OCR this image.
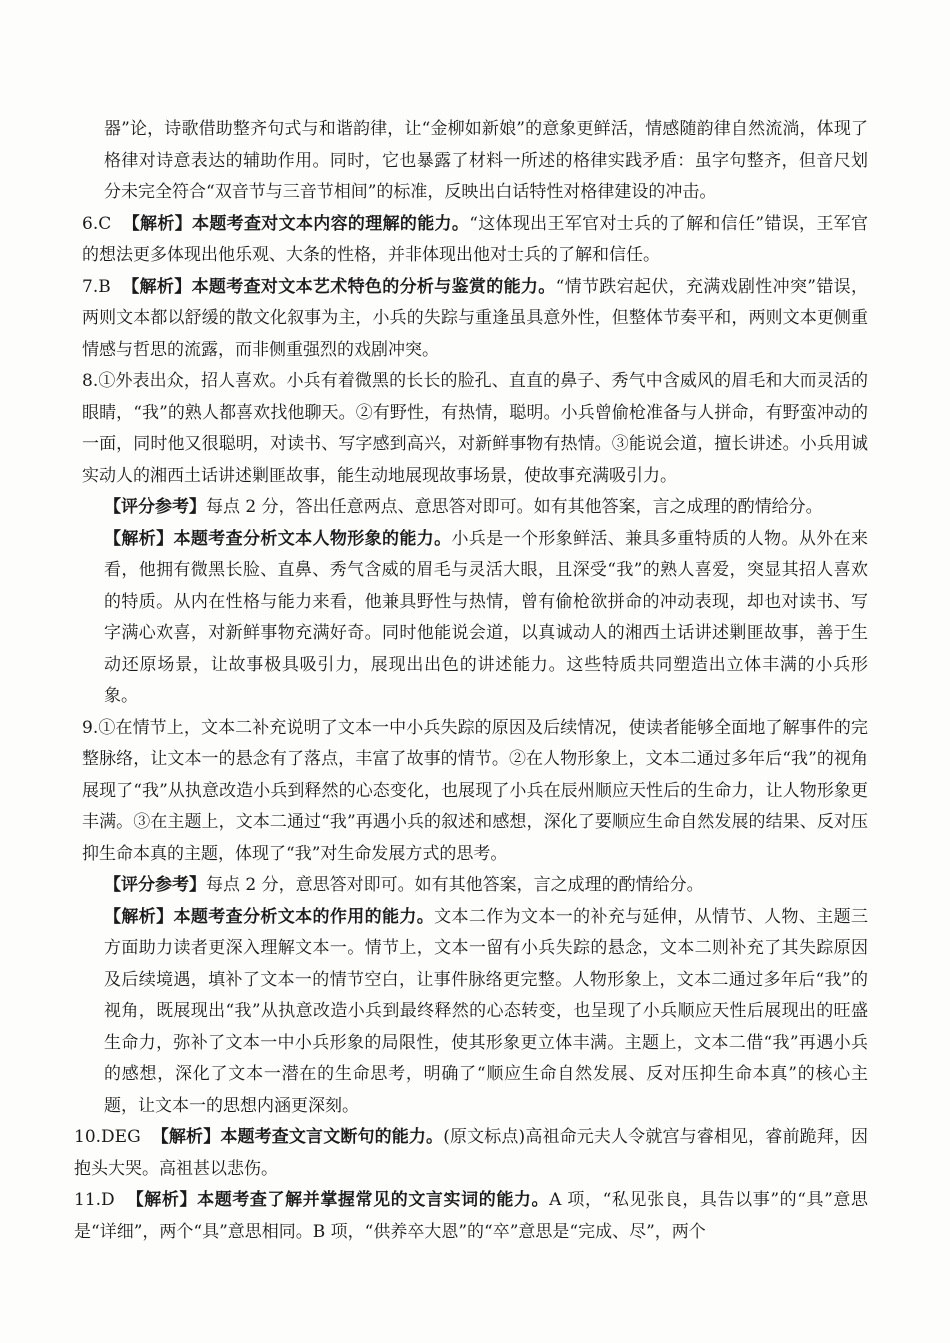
器”论，诗歌借助整齐句式与和谐韵律，让“金柳如新娘”的意象更鲜活，情感随韵律自然流淌，体现了格律对诗意表达的辅助作用。同时，它也暴露了材料一所述的格律实践矛盾：虽字句整齐，但音尺划分未完全符合“双音节与三音节相间”的标准，反映出白话特性对格律建设的冲击。

6.C 【解析】本题考查对文本内容的理解的能力。“这体现出王军官对士兵的了解和信任”错误，王军官的想法更多体现出他乐观、大条的性格，并非体现出他对士兵的了解和信任。
7.B 【解析】本题考查对文本艺术特色的分析与鉴赏的能力。“情节跌宕起伏，充满戏剧性冲突”错误，两则文本都以舒缓的散文化叙事为主，小兵的失踪与重逢虽具意外性，但整体节奏平和，两则文本更侧重情感与哲思的流露，而非侧重强烈的戏剧冲突。
8.①外表出众，招人喜欢。小兵有着微黑的长长的脸孔、直直的鼻子、秀气中含威风的眉毛和大而灵活的眼睛，“我”的熟人都喜欢找他聊天。②有野性，有热情，聪明。小兵曾偷枪准备与人拼命，有野蛮冲动的一面，同时他又很聪明，对读书、写字感到高兴，对新鲜事物有热情。③能说会道，擅长讲述。小兵用诚实动人的湘西土话讲述剿匪故事，能生动地展现故事场景，使故事充满吸引力。

【评分参考】每点 2 分，答出任意两点、意思答对即可。如有其他答案，言之成理的酌情给分。

【解析】本题考查分析文本人物形象的能力。小兵是一个形象鲜活、兼具多重特质的人物。从外在来看，他拥有微黑长脸、直鼻、秀气含威的眉毛与灵活大眼，且深受“我”的熟人喜爱，突显其招人喜欢的特质。从内在性格与能力来看，他兼具野性与热情，曾有偷枪欲拼命的冲动表现，却也对读书、写字满心欢喜，对新鲜事物充满好奇。同时他能说会道，以真诚动人的湘西土话讲述剿匪故事，善于生动还原场景，让故事极具吸引力，展现出出色的讲述能力。这些特质共同塑造出立体丰满的小兵形象。

9.①在情节上，文本二补充说明了文本一中小兵失踪的原因及后续情况，使读者能够全面地了解事件的完整脉络，让文本一的悬念有了落点，丰富了故事的情节。②在人物形象上，文本二通过多年后“我”的视角展现了“我”从执意改造小兵到释然的心态变化，也展现了小兵在辰州顺应天性后的生命力，让人物形象更丰满。③在主题上，文本二通过“我”再遇小兵的叙述和感想，深化了要顺应生命自然发展的结果、反对压抑生命本真的主题，体现了“我”对生命发展方式的思考。

【评分参考】每点 2 分，意思答对即可。如有其他答案，言之成理的酌情给分。

【解析】本题考查分析文本的作用的能力。文本二作为文本一的补充与延伸，从情节、人物、主题三方面助力读者更深入理解文本一。情节上，文本一留有小兵失踪的悬念，文本二则补充了其失踪原因及后续境遇，填补了文本一的情节空白，让事件脉络更完整。人物形象上，文本二通过多年后“我”的视角，既展现出“我”从执意改造小兵到最终释然的心态转变，也呈现了小兵顺应天性后展现出的旺盛生命力，弥补了文本一中小兵形象的局限性，使其形象更立体丰满。主题上，文本二借“我”再遇小兵的感想，深化了文本一潜在的生命思考，明确了“顺应生命自然发展、反对压抑生命本真”的核心主题，让文本一的思想内涵更深刻。

10.DEG 【解析】本题考查文言文断句的能力。(原文标点)高祖命元夫人令就宫与睿相见，睿前跪拜，因抱头大哭。高祖甚以悲伤。
11.D 【解析】本题考查了解并掌握常见的文言实词的能力。A 项，“私见张良，具告以事”的“具”意思是“详细”，两个“具”意思相同。B 项，“供养卒大恩”的“卒”意思是“完成、尽”，两个
